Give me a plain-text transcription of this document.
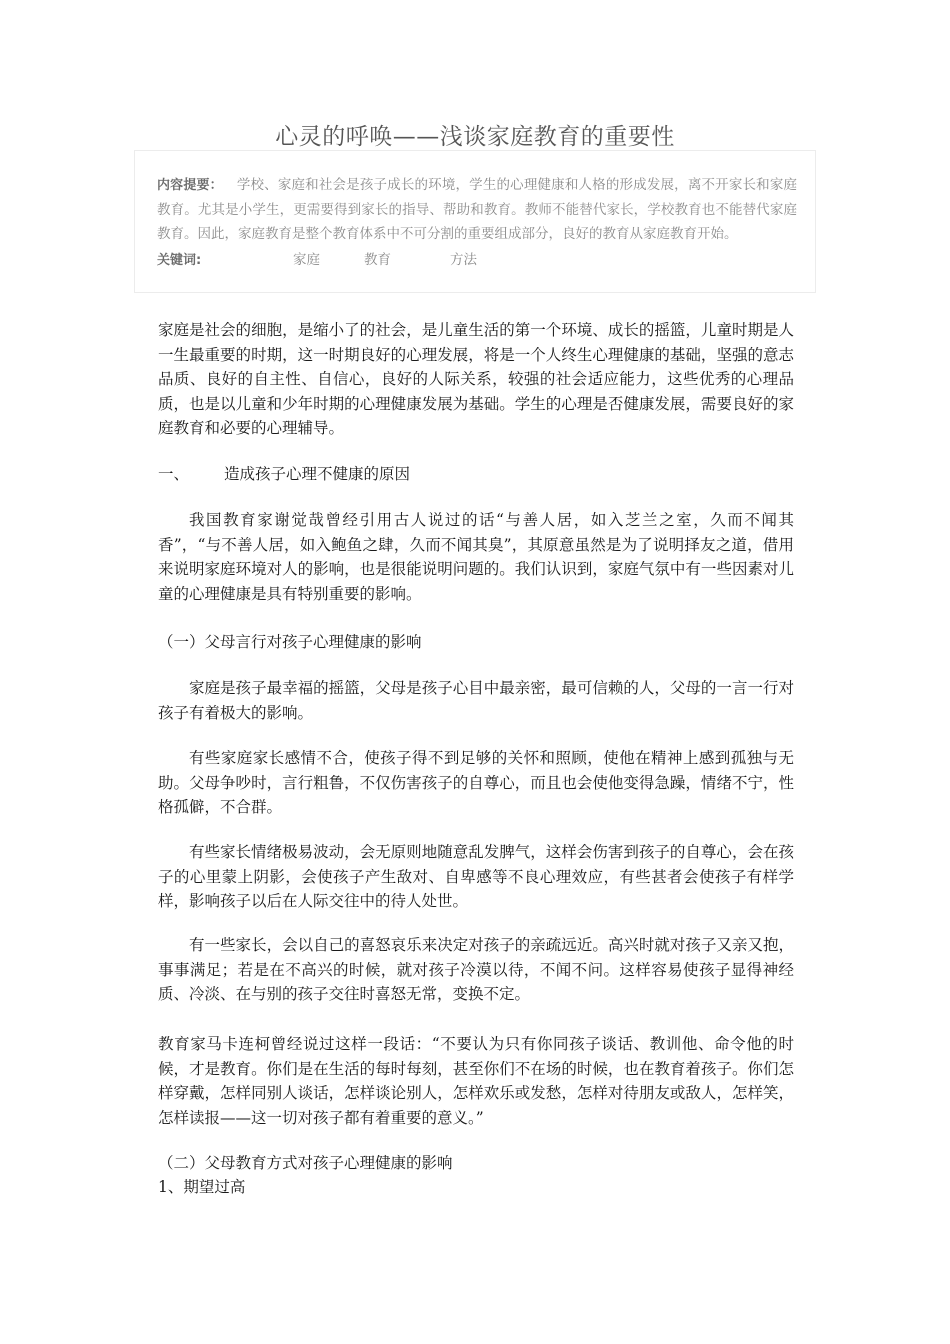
心灵的呼唤——浅谈家庭教育的重要性
内容提要： 学校、家庭和社会是孩子成长的环境，学生的心理健康和人格的形成发展，离不开家长和家庭教育。尤其是小学生，更需要得到家长的指导、帮助和教育。教师不能替代家长，学校教育也不能替代家庭教育。因此，家庭教育是整个教育体系中不可分割的重要组成部分，良好的教育从家庭教育开始。
关键词:	家庭	教育	方法

家庭是社会的细胞，是缩小了的社会，是儿童生活的第一个环境、成长的摇篮，儿童时期是人一生最重要的时期，这一时期良好的心理发展，将是一个人终生心理健康的基础，坚强的意志品质、良好的自主性、自信心，良好的人际关系，较强的社会适应能力，这些优秀的心理品质，也是以儿童和少年时期的心理健康发展为基础。学生的心理是否健康发展，需要良好的家庭教育和必要的心理辅导。

一、 造成孩子心理不健康的原因

我国教育家谢觉哉曾经引用古人说过的话“与善人居，如入芝兰之室，久而不闻其香”，“与不善人居，如入鲍鱼之肆，久而不闻其臭”，其原意虽然是为了说明择友之道，借用来说明家庭环境对人的影响，也是很能说明问题的。我们认识到，家庭气氛中有一些因素对儿童的心理健康是具有特别重要的影响。

（一）父母言行对孩子心理健康的影响

家庭是孩子最幸福的摇篮，父母是孩子心目中最亲密，最可信赖的人，父母的一言一行对孩子有着极大的影响。

有些家庭家长感情不合，使孩子得不到足够的关怀和照顾，使他在精神上感到孤独与无助。父母争吵时，言行粗鲁，不仅伤害孩子的自尊心，而且也会使他变得急躁，情绪不宁，性格孤僻，不合群。

有些家长情绪极易波动，会无原则地随意乱发脾气，这样会伤害到孩子的自尊心，会在孩子的心里蒙上阴影，会使孩子产生敌对、自卑感等不良心理效应，有些甚者会使孩子有样学样，影响孩子以后在人际交往中的待人处世。

有一些家长，会以自己的喜怒哀乐来决定对孩子的亲疏远近。高兴时就对孩子又亲又抱，事事满足；若是在不高兴的时候，就对孩子冷漠以待，不闻不问。这样容易使孩子显得神经质、冷淡、在与别的孩子交往时喜怒无常，变换不定。

教育家马卡连柯曾经说过这样一段话：“不要认为只有你同孩子谈话、教训他、命令他的时候，才是教育。你们是在生活的每时每刻，甚至你们不在场的时候，也在教育着孩子。你们怎样穿戴，怎样同别人谈话，怎样谈论别人，怎样欢乐或发愁，怎样对待朋友或敌人，怎样笑，怎样读报——这一切对孩子都有着重要的意义。”

（二）父母教育方式对孩子心理健康的影响
1、期望过高
